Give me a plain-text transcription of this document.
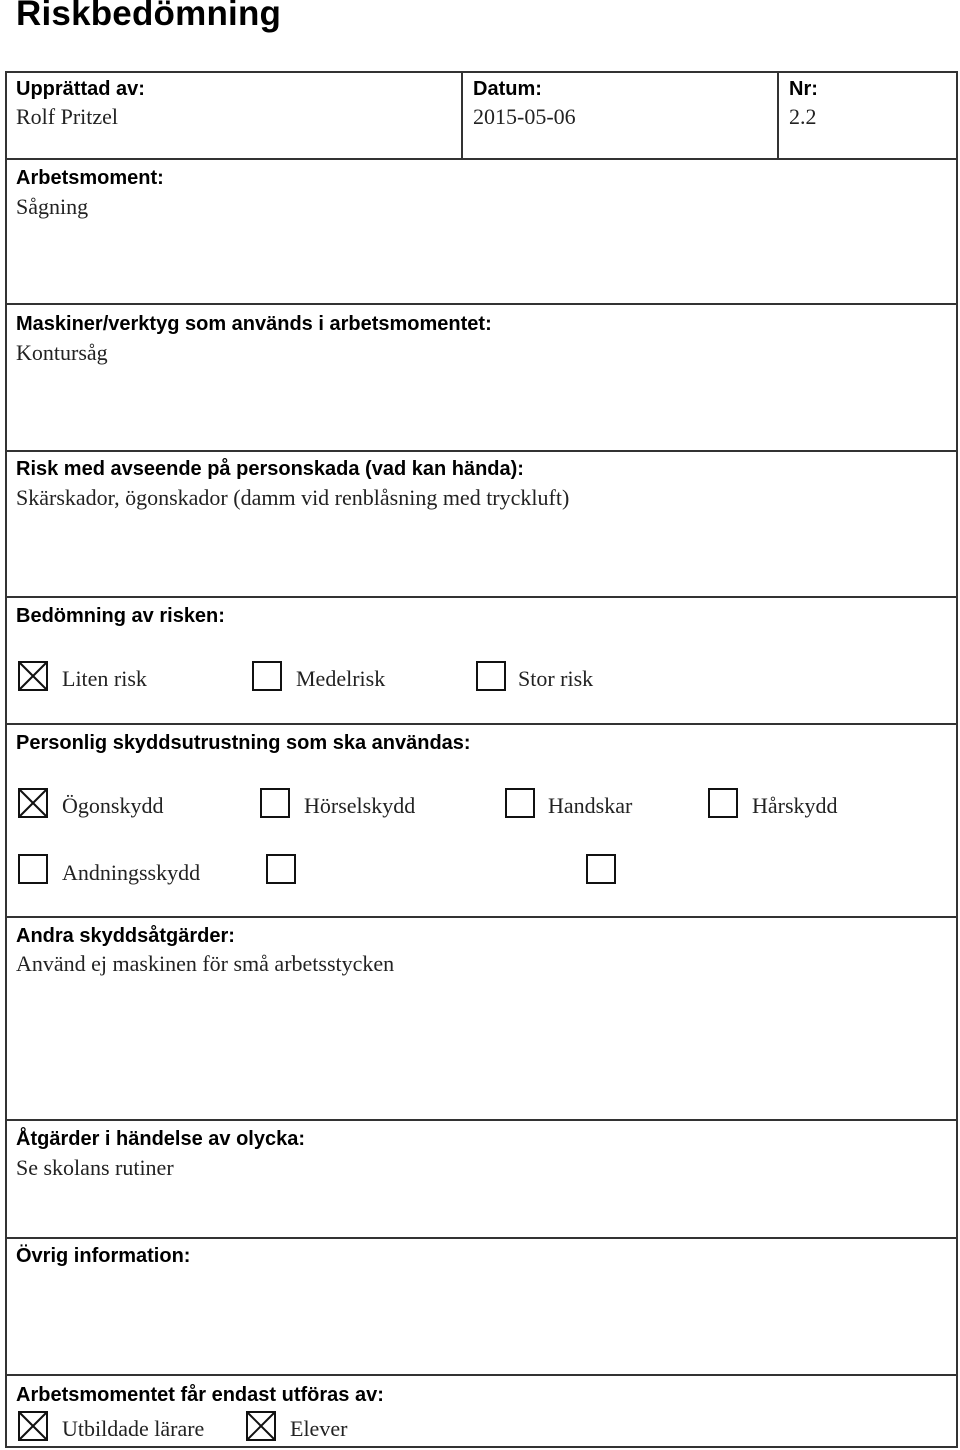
Riskbedömning
Upprättad av:
Rolf Pritzel
Datum:
2015-05-06
Nr:
2.2
Arbetsmoment:
Sågning
Maskiner/verktyg som används i arbetsmomentet:
Kontursåg
Risk med avseende på personskada (vad kan hända):
Skärskador, ögonskador (damm vid renblåsning med tryckluft)
Bedömning av risken:
Liten risk	Medelrisk	Stor risk
Personlig skyddsutrustning som ska användas:
Ögonskydd	Hörselskydd	Handskar	Hårskydd
Andningsskydd
Andra skyddsåtgärder:
Använd ej maskinen för små arbetsstycken
Åtgärder i händelse av olycka:
Se skolans rutiner
Övrig information:
Arbetsmomentet får endast utföras av:
Utbildade lärare	Elever
